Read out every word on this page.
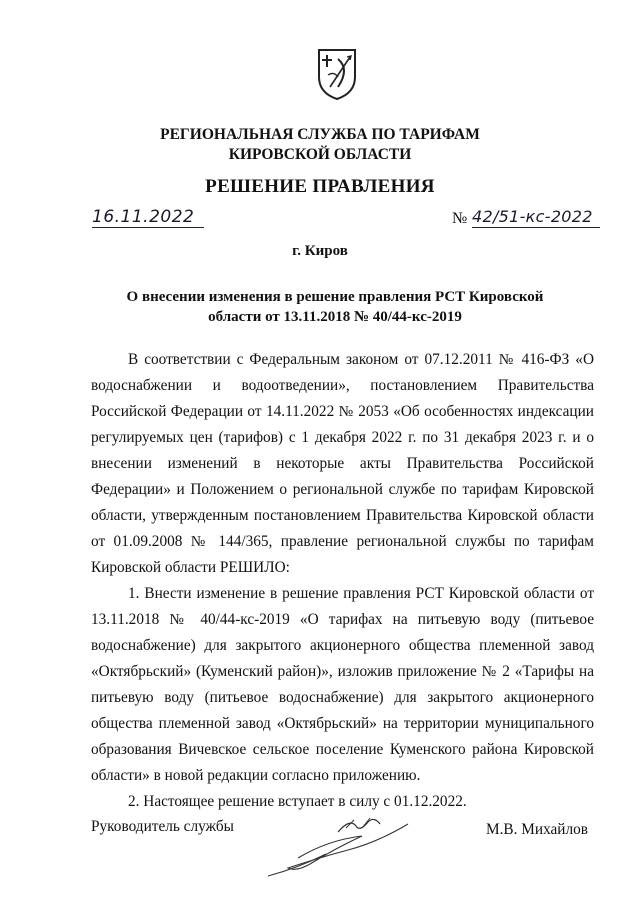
РЕГИОНАЛЬНАЯ СЛУЖБА ПО ТАРИФАМ
КИРОВСКОЙ ОБЛАСТИ
РЕШЕНИЕ ПРАВЛЕНИЯ
16.11.2022	№ 42/51-кс-2022
г. Киров
О внесении изменения в решение правления РСТ Кировской области от 13.11.2018 № 40/44-кс-2019

В соответствии с Федеральным законом от 07.12.2011 № 416-ФЗ «О водоснабжении и водоотведении», постановлением Правительства Российской Федерации от 14.11.2022 № 2053 «Об особенностях индексации регулируемых цен (тарифов) с 1 декабря 2022 г. по 31 декабря 2023 г. и о внесении изменений в некоторые акты Правительства Российской Федерации» и Положением о региональной службе по тарифам Кировской области, утвержденным постановлением Правительства Кировской области от 01.09.2008 № 144/365, правление региональной службы по тарифам Кировской области РЕШИЛО:

1. Внести изменение в решение правления РСТ Кировской области от 13.11.2018 № 40/44-кс-2019 «О тарифах на питьевую воду (питьевое водоснабжение) для закрытого акционерного общества племенной завод «Октябрьский» (Куменский район)», изложив приложение № 2 «Тарифы на питьевую воду (питьевое водоснабжение) для закрытого акционерного общества племенной завод «Октябрьский» на территории муниципального образования Вичевское сельское поселение Куменского района Кировской области» в новой редакции согласно приложению.

2. Настоящее решение вступает в силу с 01.12.2022.

Руководитель службы	М.В. Михайлов
